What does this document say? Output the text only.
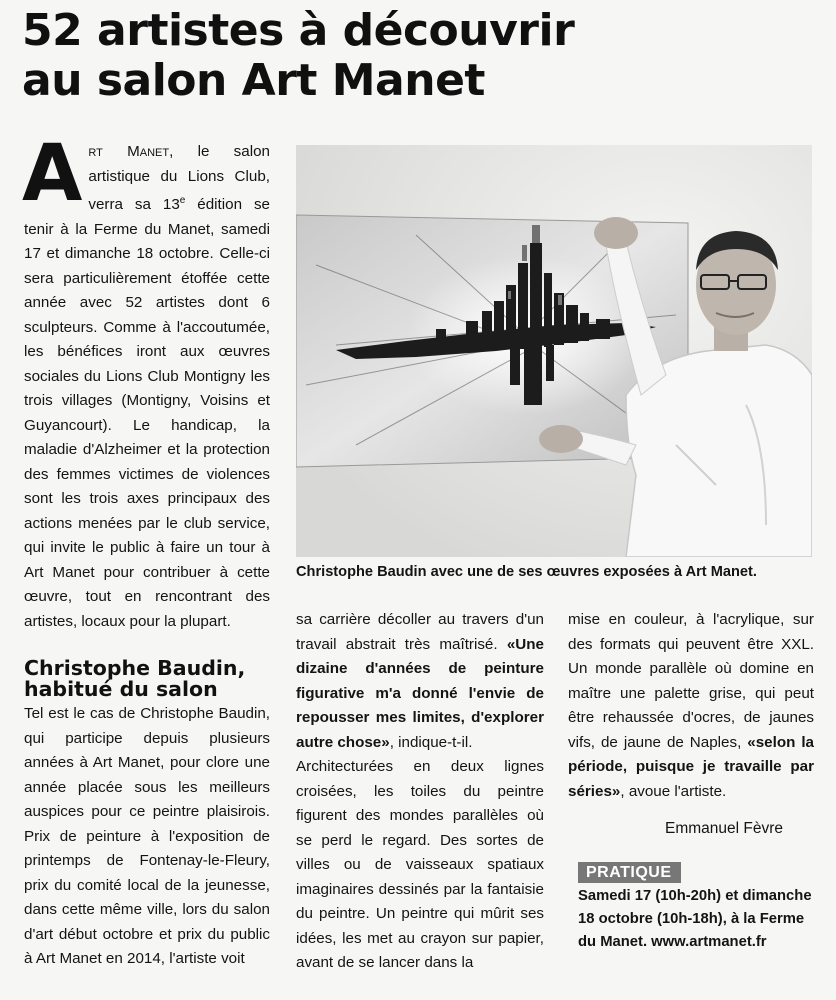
52 artistes à découvrir
au salon Art Manet

Art Manet, le salon artistique du Lions Club, verra sa 13e édition se tenir à la Ferme du Manet, samedi 17 et dimanche 18 octobre. Celle-ci sera particulièrement étoffée cette année avec 52 artistes dont 6 sculpteurs. Comme à l'accoutumée, les bénéfices iront aux œuvres sociales du Lions Club Montigny les trois villages (Montigny, Voisins et Guyancourt). Le handicap, la maladie d'Alzheimer et la protection des femmes victimes de violences sont les trois axes principaux des actions menées par le club service, qui invite le public à faire un tour à Art Manet pour contribuer à cette œuvre, tout en rencontrant des artistes, locaux pour la plupart.

Christophe Baudin,
habitué du salon

Tel est le cas de Christophe Baudin, qui participe depuis plusieurs années à Art Manet, pour clore une année placée sous les meilleurs auspices pour ce peintre plaisirois. Prix de peinture à l'exposition de printemps de Fontenay-le-Fleury, prix du comité local de la jeunesse, dans cette même ville, lors du salon d'art début octobre et prix du public à Art Manet en 2014, l'artiste voit

Christophe Baudin avec une de ses œuvres exposées à Art Manet.

sa carrière décoller au travers d'un travail abstrait très maîtrisé. «Une dizaine d'années de peinture figurative m'a donné l'envie de repousser mes limites, d'explorer autre chose», indique-t-il.

Architecturées en deux lignes croisées, les toiles du peintre figurent des mondes parallèles où se perd le regard. Des sortes de villes ou de vaisseaux spatiaux imaginaires dessinés par la fantaisie du peintre. Un peintre qui mûrit ses idées, les met au crayon sur papier, avant de se lancer dans la

mise en couleur, à l'acrylique, sur des formats qui peuvent être XXL. Un monde parallèle où domine en maître une palette grise, qui peut être rehaussée d'ocres, de jaunes vifs, de jaune de Naples, «selon la période, puisque je travaille par séries», avoue l'artiste.

Emmanuel Fèvre
PRATIQUE

Samedi 17 (10h-20h) et dimanche 18 octobre (10h-18h), à la Ferme du Manet. www.artmanet.fr
